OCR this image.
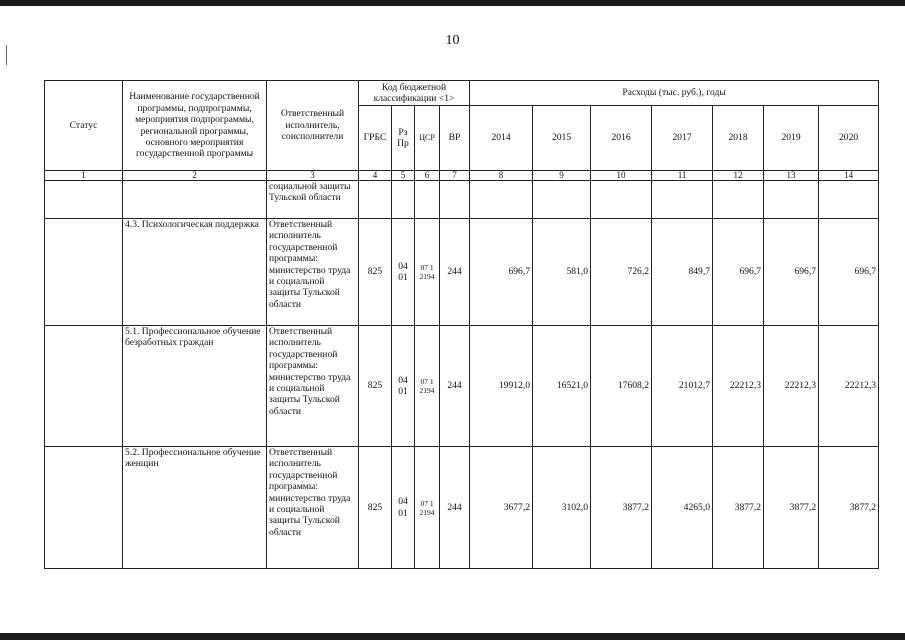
10
Статус	Наименование государственной программы, подпрограммы, мероприятия подпрограммы, региональной программы, основного мероприятия государственной программы	Ответственный исполнитель, соисполнители	Код бюджетной классификации <1>				Расходы (тыс. руб.), годы						
			ГРБС	Рз Пр	ЦСР	ВР	2014	2015	2016	2017	2018	2019	2020
1	2	3	4	5	6	7	8	9	10	11	12	13	14
		социальной защиты Тульской области											
	4.3. Психологическая поддержка	Ответственный исполнитель государственной программы: министерство труда и социальной защиты Тульской области	825	04 01	07 1 2194	244	696,7	581,0	726,2	849,7	696,7	696,7	696,7
	5.1. Профессиональное обучение безработных граждан	Ответственный исполнитель государственной программы: министерство труда и социальной защиты Тульской области	825	04 01	07 1 2194	244	19912,0	16521,0	17608,2	21012,7	22212,3	22212,3	22212,3
	5.2. Профессиональное обучение женщин	Ответственный исполнитель государственной программы: министерство труда и социальной защиты Тульской области	825	04 01	07 1 2194	244	3677,2	3102,0	3877,2	4265,0	3877,2	3877,2	3877,2
